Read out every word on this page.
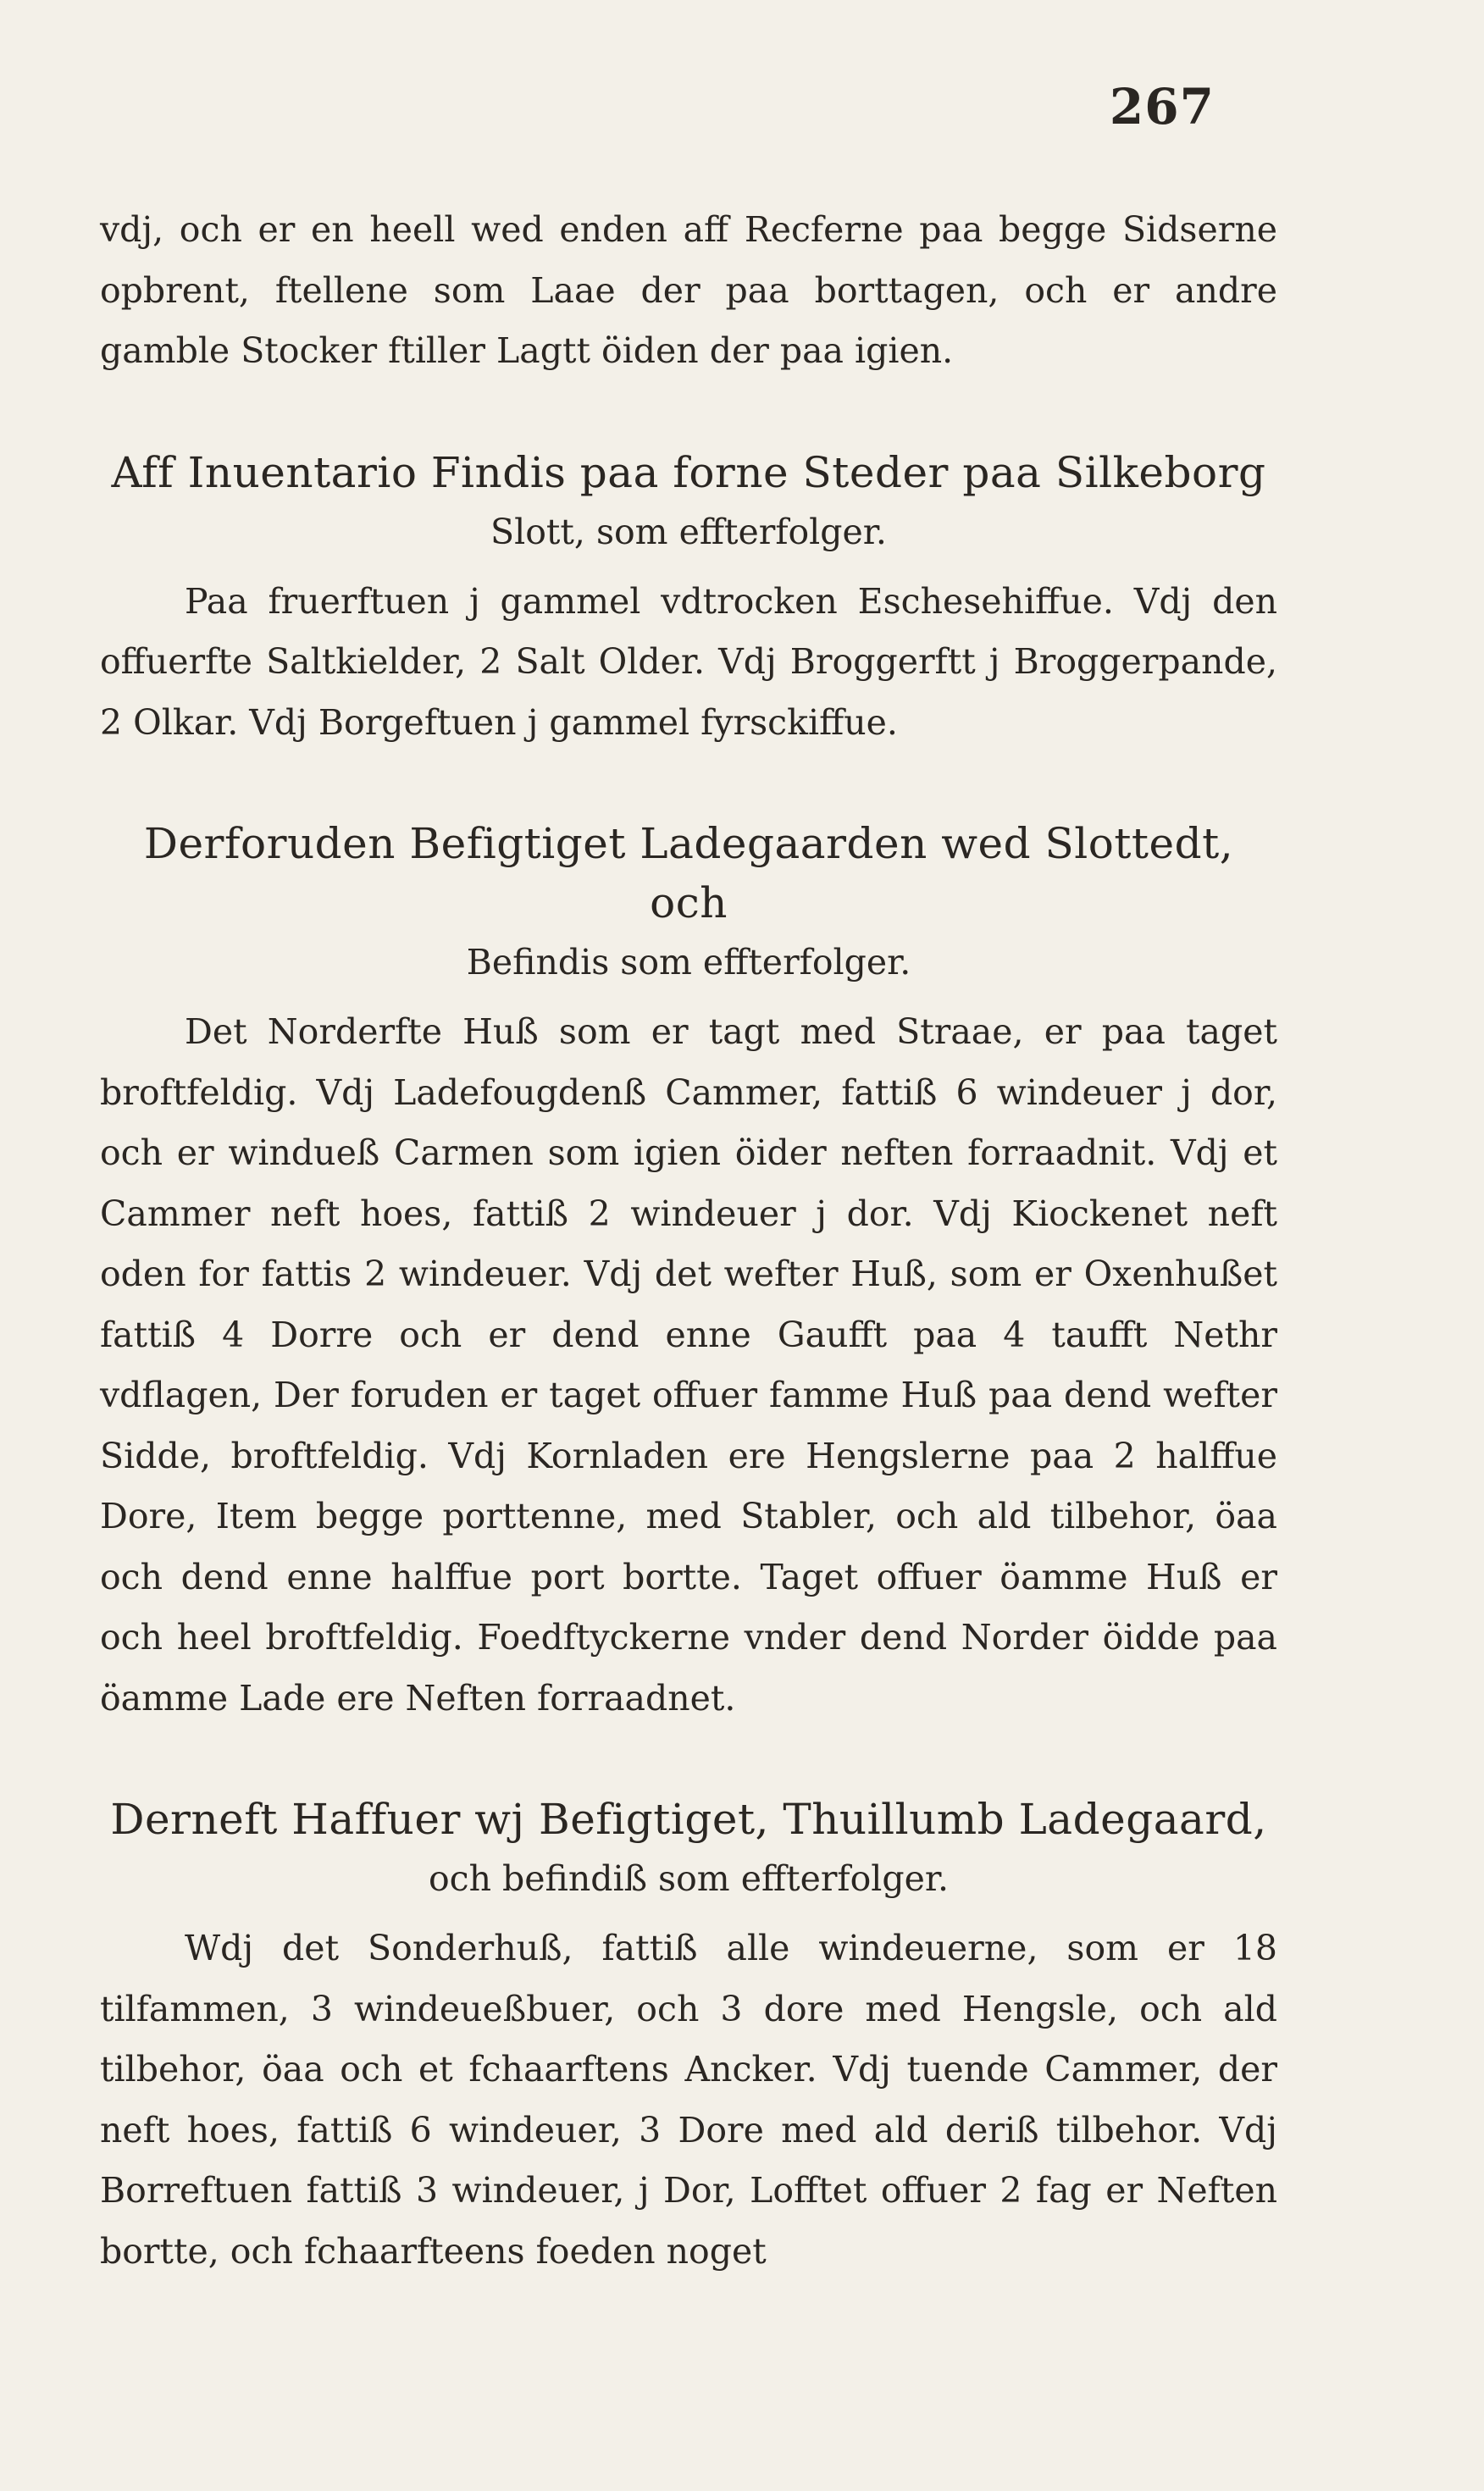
267

vdj, och er en heell wed enden aff Recferne paa begge Sidserne opbrent, ftellene som Laae der paa borttagen, och er andre gamble Stocker ftiller Lagtt öiden der paa igien.

Aff Inuentario Findis paa forne Steder paa Silkeborg
Slott, som effterfolger.

Paa fruerftuen j gammel vdtrocken Eschesehiffue. Vdj den offuerfte Saltkielder, 2 Salt Older. Vdj Broggerftt j Broggerpande, 2 Olkar. Vdj Borgeftuen j gammel fyrsckiffue.

Derforuden Befigtiget Ladegaarden wed Slottedt, och
Befindis som effterfolger.

Det Norderfte Huß som er tagt med Straae, er paa taget broftfeldig. Vdj Ladefougdenß Cammer, fattiß 6 windeuer j dor, och er windueß Carmen som igien öider neften forraadnit. Vdj et Cammer neft hoes, fattiß 2 windeuer j dor. Vdj Kiockenet neft oden for fattis 2 windeuer. Vdj det wefter Huß, som er Oxenhußet fattiß 4 Dorre och er dend enne Gaufft paa 4 taufft Nethr vdflagen, Der foruden er taget offuer famme Huß paa dend wefter Sidde, broftfeldig. Vdj Kornladen ere Hengslerne paa 2 halffue Dore, Item begge porttenne, med Stabler, och ald tilbehor, öaa och dend enne halffue port bortte. Taget offuer öamme Huß er och heel broftfeldig. Foedftyckerne vnder dend Norder öidde paa öamme Lade ere Neften forraadnet.

Derneft Haffuer wj Befigtiget, Thuillumb Ladegaard,
och befindiß som effterfolger.

Wdj det Sonderhuß, fattiß alle windeuerne, som er 18 tilfammen, 3 windeueßbuer, och 3 dore med Hengsle, och ald tilbehor, öaa och et fchaarftens Ancker. Vdj tuende Cammer, der neft hoes, fattiß 6 windeuer, 3 Dore med ald deriß tilbehor. Vdj Borreftuen fattiß 3 windeuer, j Dor, Lofftet offuer 2 fag er Neften bortte, och fchaarfteens foeden noget
